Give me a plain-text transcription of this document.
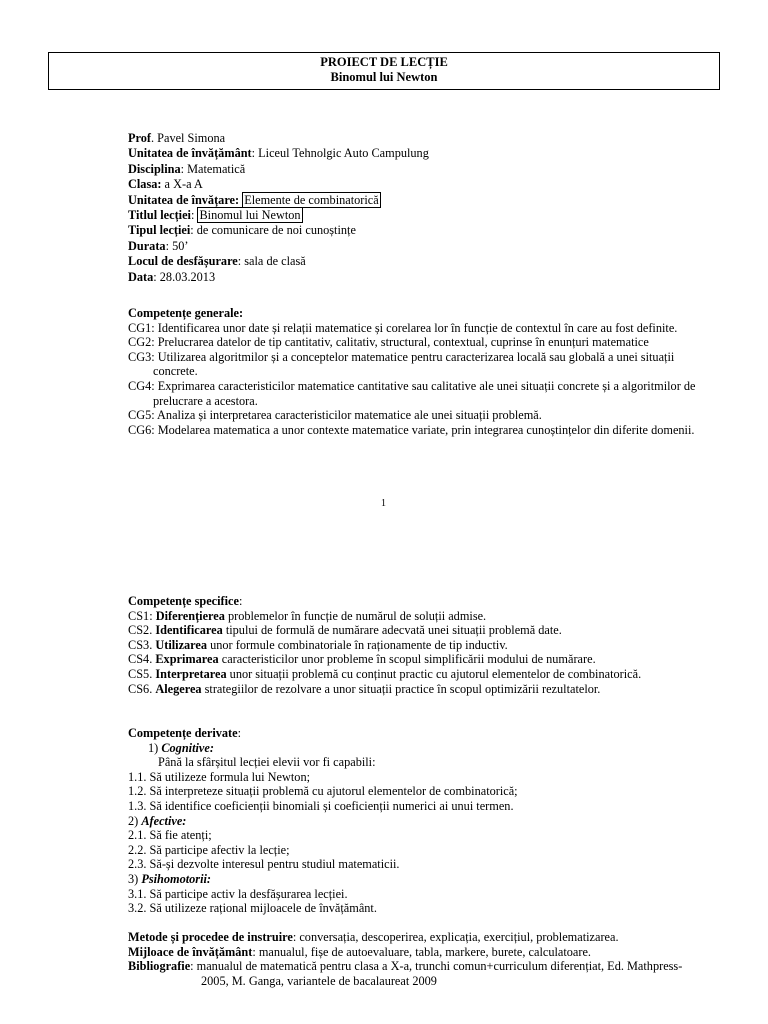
PROIECT DE LECȚIE
Binomul lui Newton
Prof. Pavel Simona
Unitatea de învățământ: Liceul Tehnolgic Auto Campulung
Disciplina: Matematică
Clasa: a X-a A
Unitatea de învățare: Elemente de combinatorică
Titlul lecției: Binomul lui Newton
Tipul lecției: de comunicare de noi cunoștințe
Durata: 50’
Locul de desfășurare: sala de clasă
Data: 28.03.2013
Competențe generale:
CG1: Identificarea unor date și relații matematice și corelarea lor în funcție de contextul în care au fost definite.
CG2: Prelucrarea datelor de tip cantitativ, calitativ, structural, contextual, cuprinse în enunțuri matematice
CG3: Utilizarea algoritmilor și a conceptelor matematice pentru caracterizarea locală sau globală a unei situații concrete.
CG4: Exprimarea caracteristicilor matematice cantitative sau calitative ale unei situații concrete și a algoritmilor de prelucrare a acestora.
CG5: Analiza și interpretarea caracteristicilor matematice ale unei situații problemă.
CG6: Modelarea matematica a unor contexte matematice variate, prin integrarea cunoștințelor din diferite domenii.
1
Competențe specifice:
CS1: Diferențierea problemelor în funcție de numărul de soluții admise.
CS2. Identificarea tipului de formulă de numărare adecvată unei situații problemă date.
CS3. Utilizarea unor formule combinatoriale în raționamente de tip inductiv.
CS4. Exprimarea caracteristicilor unor probleme în scopul simplificării modului de numărare.
CS5. Interpretarea unor situații problemă cu conținut practic cu ajutorul elementelor de combinatorică.
CS6. Alegerea strategiilor de rezolvare a unor situații practice în scopul optimizării rezultatelor.
Competențe derivate:
1) Cognitive:
Până la sfârșitul lecției elevii vor fi capabili:
1.1. Să utilizeze formula lui Newton;
1.2. Să interpreteze situații problemă cu ajutorul elementelor de combinatorică;
1.3. Să identifice coeficienții binomiali și coeficienții numerici ai unui termen.
2) Afective:
2.1. Să fie atenți;
2.2. Să participe afectiv la lecție;
2.3. Să-și dezvolte interesul pentru studiul matematicii.
3) Psihomotorii:
3.1. Să participe activ la desfășurarea lecției.
3.2. Să utilizeze rațional mijloacele de învățământ.
Metode și procedee de instruire: conversația, descoperirea, explicația, exercițiul, problematizarea.
Mijloace de învățământ: manualul, fișe de autoevaluare, tabla, markere, burete, calculatoare.
Bibliografie: manualul de matematică pentru clasa a X-a, trunchi comun+curriculum diferențiat, Ed. Mathpress-
2005, M. Ganga, variantele de bacalaureat 2009
